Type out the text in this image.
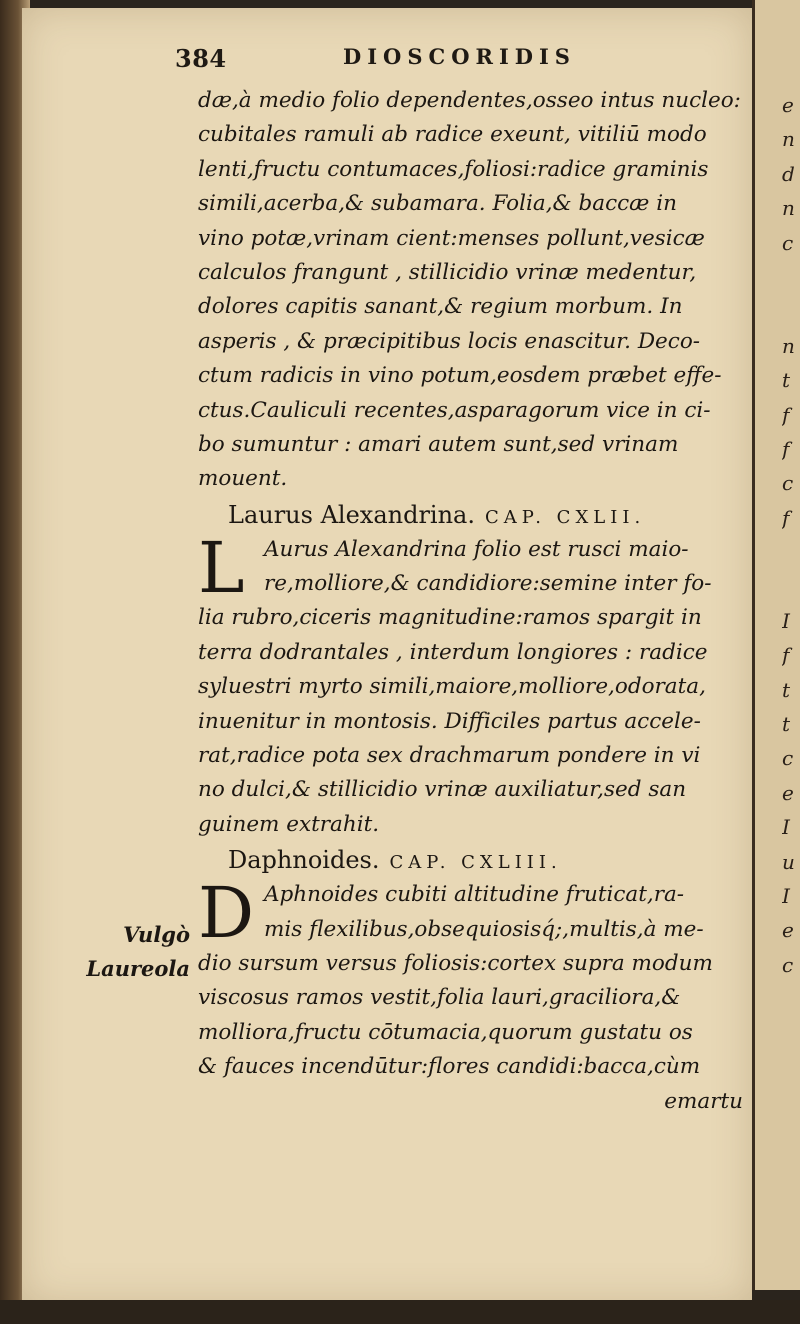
384	DIOSCORIDIS
Vulgò
Laureola
dæ,à medio folio dependentes,osseo intus nucleo:
cubitales ramuli ab radice exeunt, vitiliū modo
lenti,fructu contumaces,foliosi:radice graminis
simili,acerba,& subamara. Folia,& baccæ in
vino potæ,vrinam cient:menses pollunt,vesicæ
calculos frangunt , stillicidio vrinæ medentur,
dolores capitis sanant,& regium morbum. In
asperis , & præcipitibus locis enascitur. Deco-
ctum radicis in vino potum,eosdem præbet effe-
ctus.Cauliculi recentes,asparagorum vice in ci-
bo sumuntur : amari autem sunt,sed vrinam
mouent.
Laurus Alexandrina. CAP. CXLII.
L Aurus Alexandrina folio est rusci maio-
re,molliore,& candidiore:semine inter fo-
lia rubro,ciceris magnitudine:ramos spargit in
terra dodrantales , interdum longiores : radice
syluestri myrto simili,maiore,molliore,odorata,
inuenitur in montosis. Difficiles partus accele-
rat,radice pota sex drachmarum pondere in vi
no dulci,& stillicidio vrinæ auxiliatur,sed san
guinem extrahit.
Daphnoides. CAP. CXLIII.
D Aphnoides cubiti altitudine fruticat,ra-
mis flexilibus,obsequiosisq́;,multis,à me-
dio sursum versus foliosis:cortex supra modum
viscosus ramos vestit,folia lauri,graciliora,&
molliora,fructu cōtumacia,quorum gustatu os
& fauces incendūtur:flores candidi:bacca,cùm
emartu
e
n
d
n
c
n
t
f
f
c
f
I
f
t
t
c
e
I
u
I
e
c
